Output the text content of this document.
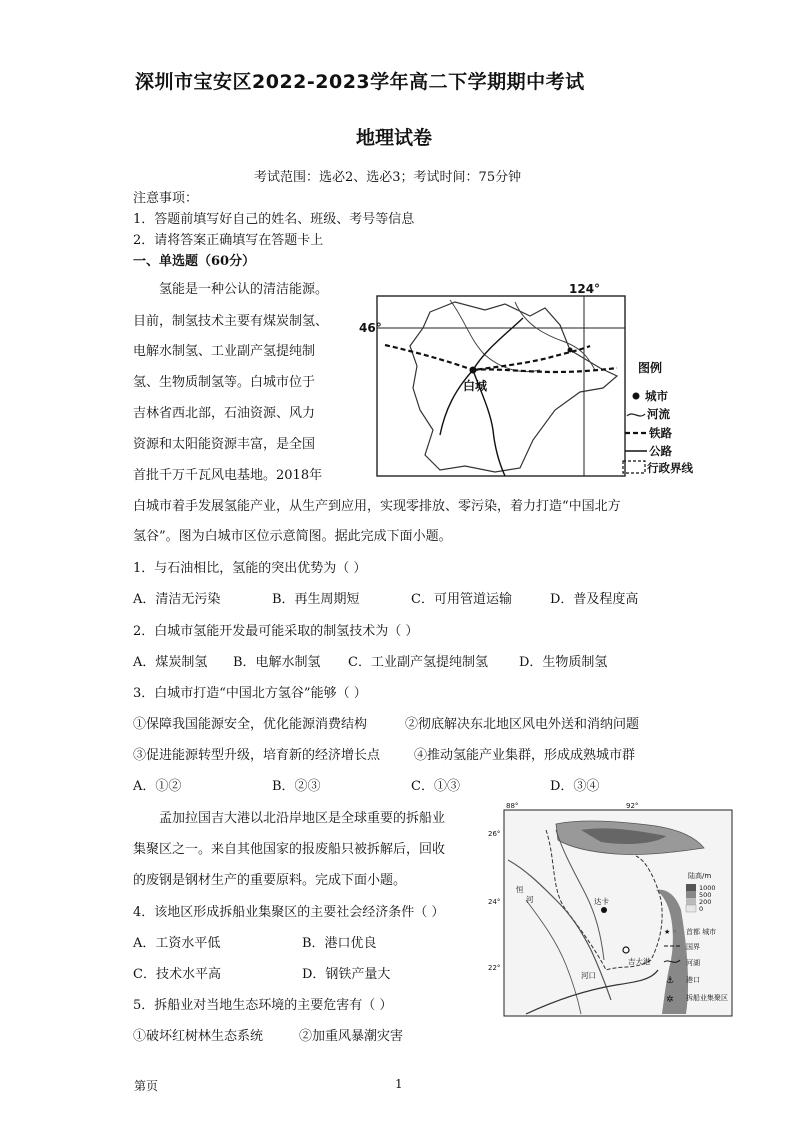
深圳市宝安区2022-2023学年高二下学期期中考试
地理试卷
考试范围：选必2、选必3；考试时间：75分钟
注意事项：
1．答题前填写好自己的姓名、班级、考号等信息
2．请将答案正确填写在答题卡上
一、单选题（60分）
氢能是一种公认的清洁能源。
目前，制氢技术主要有煤炭制氢、
电解水制氢、工业副产氢提纯制
氢、生物质制氢等。白城市位于
吉林省西北部，石油资源、风力
资源和太阳能资源丰富，是全国
首批千万千瓦风电基地。2018年
白城市着手发展氢能产业，从生产到应用，实现零排放、零污染，着力打造“中国北方
氢谷”。图为白城市区位示意简图。据此完成下面小题。
46°
124°
白城
图例
城市
河流
铁路
公路
行政界线
1．与石油相比，氢能的突出优势为（ ）
A．清洁无污染	B．再生周期短	C．可用管道运输	D．普及程度高
2．白城市氢能开发最可能采取的制氢技术为（ ）
A．煤炭制氢 B．电解水制氢 C．工业副产氢提纯制氢 D．生物质制氢
3．白城市打造“中国北方氢谷”能够（ ）
①保障我国能源安全，优化能源消费结构	②彻底解决东北地区风电外送和消纳问题
③促进能源转型升级，培育新的经济增长点	④推动氢能产业集群，形成成熟城市群
A．①②	B．②③	C．①③	D．③④
孟加拉国吉大港以北沿岸地区是全球重要的拆船业
集聚区之一。来自其他国家的报废船只被拆解后，回收
的废钢是钢材生产的重要原料。完成下面小题。
4．该地区形成拆船业集聚区的主要社会经济条件（ ）
A．工资水平低	B．港口优良
C．技术水平高	D．钢铁产量大
5．拆船业对当地生态环境的主要危害有（ ）
①破坏红树林生态系统	②加重风暴潮灾害
达卡
吉大港
恒
河
河口
88°	92°
26°
24°
22°
陆高/m
1000
500
200
0
★ ◦ 首都 城市
国界
河湖
⚓ 港口
✲ 拆船业集聚区
第页	1
